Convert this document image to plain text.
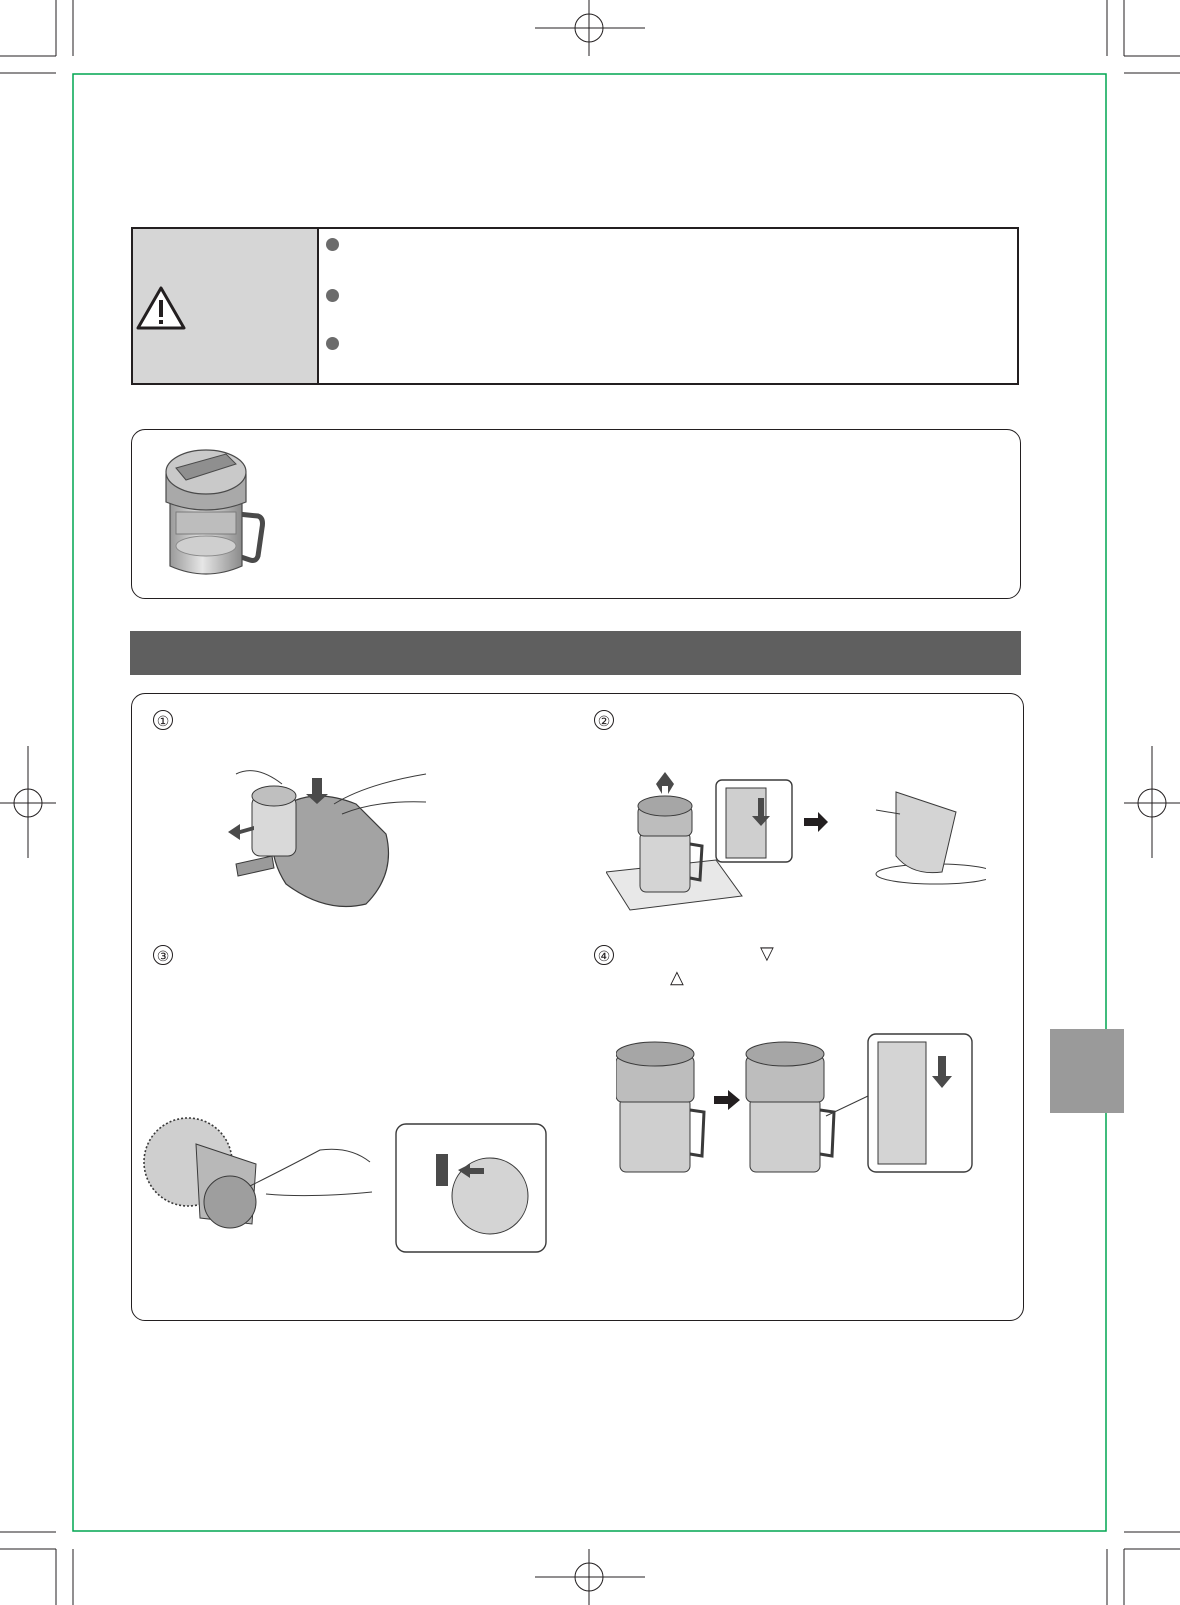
①	②
③	④	▽
△
